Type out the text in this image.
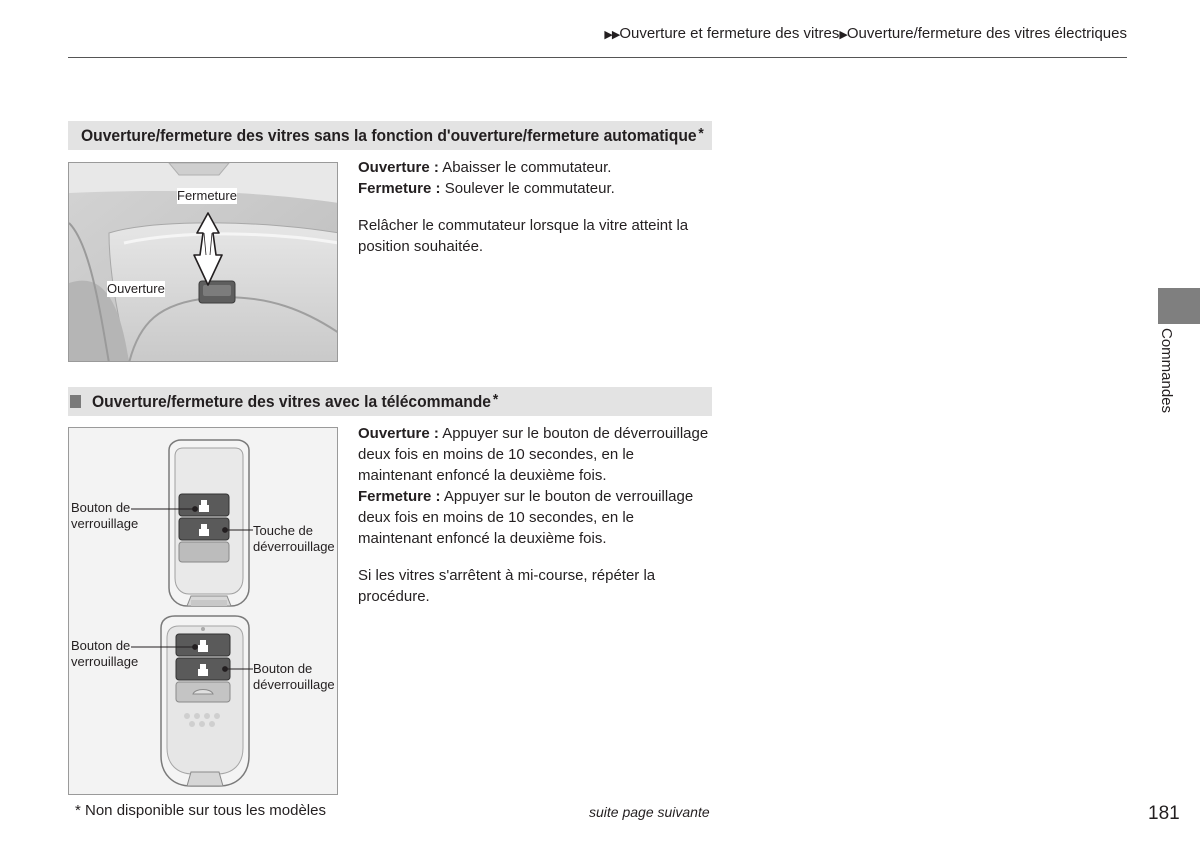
▶▶Ouverture et fermeture des vitres▶Ouverture/fermeture des vitres électriques
Ouverture/fermeture des vitres sans la fonction d'ouverture/fermeture automatique *
Fermeture
Ouverture

Ouverture : Abaisser le commutateur.

Fermeture : Soulever le commutateur.

Relâcher le commutateur lorsque la vitre atteint la position souhaitée.

Ouverture/fermeture des vitres avec la télécommande *
Bouton de verrouillage	Touche de déverrouillage
Bouton de verrouillage	Bouton de déverrouillage

Ouverture : Appuyer sur le bouton de déverrouillage deux fois en moins de 10 secondes, en le maintenant enfoncé la deuxième fois.

Fermeture : Appuyer sur le bouton de verrouillage deux fois en moins de 10 secondes, en le maintenant enfoncé la deuxième fois.

Si les vitres s'arrêtent à mi-course, répéter la procédure.

Commandes
* Non disponible sur tous les modèles	suite page suivante	181
